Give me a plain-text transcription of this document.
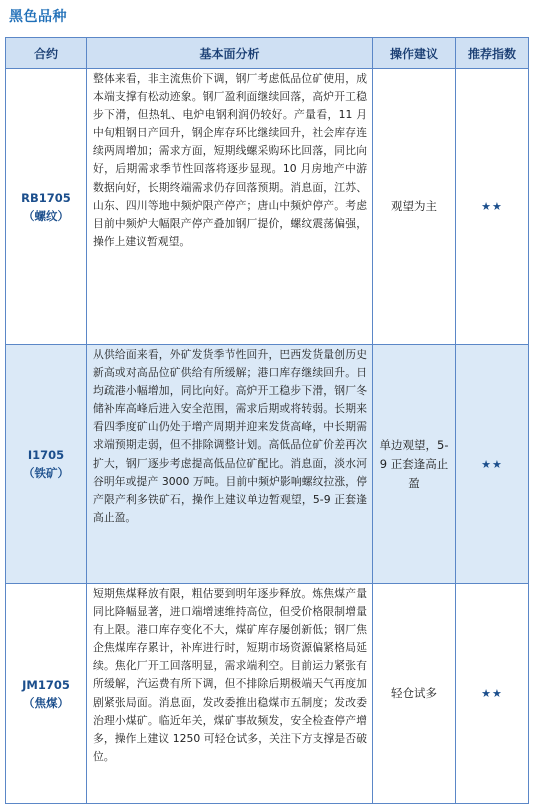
黑色品种
合约	基本面分析	操作建议	推荐指数

RB1705
（螺纹）	整体来看，非主流焦价下调，钢厂考虑低品位矿使用，成本端支撑有松动迹象。钢厂盈利面继续回落，高炉开工稳步下滑，但热轧、电炉电钢利润仍较好。产量看，11 月中旬粗钢日产回升，钢企库存环比继续回升，社会库存连续两周增加；需求方面，短期线螺采购环比回落，同比向好，后期需求季节性回落将逐步显现。10 月房地产中游数据向好，长期终端需求仍存回落预期。消息面，江苏、山东、四川等地中频炉限产停产；唐山中频炉停产。考虑目前中频炉大幅限产停产叠加钢厂提价，螺纹震荡偏强，操作上建议暂观望。	观望为主	★★

I1705
（铁矿）	从供给面来看，外矿发货季节性回升，巴西发货量创历史新高或对高品位矿供给有所缓解；港口库存继续回升。日均疏港小幅增加，同比向好。高炉开工稳步下滑，钢厂冬储补库高峰后进入安全范围，需求后期或将转弱。长期来看四季度矿山仍处于增产周期并迎来发货高峰，中长期需求端预期走弱，但不排除调整计划。高低品位矿价差再次扩大，钢厂逐步考虑提高低品位矿配比。消息面，淡水河谷明年或提产 3000 万吨。目前中频炉影响螺纹拉涨，停产限产利多铁矿石，操作上建议单边暂观望，5-9 正套逢高止盈。	单边观望，5-9 正套逢高止盈	★★

JM1705
（焦煤）	短期焦煤释放有限，粗估要到明年逐步释放。炼焦煤产量同比降幅显著，进口端增速维持高位，但受价格限制增量有上限。港口库存变化不大，煤矿库存屡创新低；钢厂焦企焦煤库存累计，补库进行时，短期市场资源偏紧格局延续。焦化厂开工回落明显，需求端利空。目前运力紧张有所缓解，汽运费有所下调，但不排除后期极端天气再度加剧紧张局面。消息面，发改委推出稳煤市五制度；发改委治理小煤矿。临近年关，煤矿事故频发，安全检查停产增多，操作上建议 1250 可轻仓试多，关注下方支撑是否破位。	轻仓试多	★★
